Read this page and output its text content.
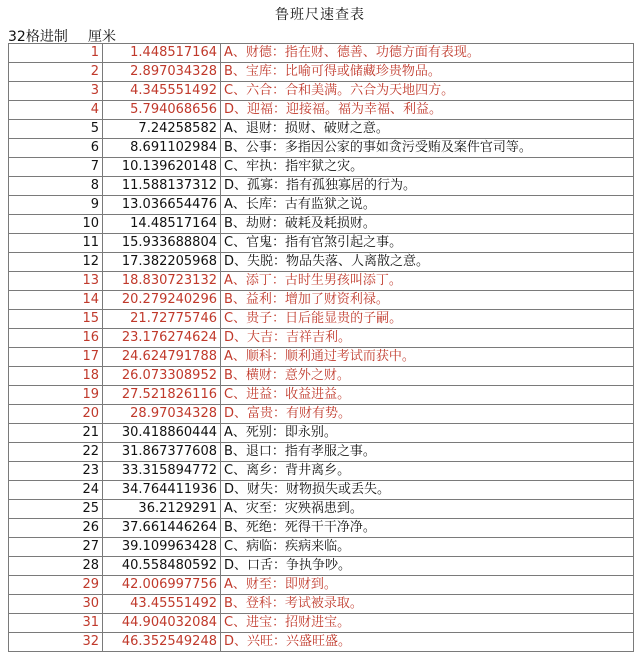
鲁班尺速查表
32格进制 厘米
1	1.448517164	A、财德：指在财、德善、功德方面有表现。
2	2.897034328	B、宝库：比喻可得或储藏珍贵物品。
3	4.345551492	C、六合：合和美满。六合为天地四方。
4	5.794068656	D、迎福：迎接福。福为幸福、利益。
5	7.24258582	A、退财：损财、破财之意。
6	8.691102984	B、公事：多指因公家的事如贪污受贿及案件官司等。
7	10.139620148	C、牢执：指牢狱之灾。
8	11.588137312	D、孤寡：指有孤独寡居的行为。
9	13.036654476	A、长库：古有监狱之说。
10	14.48517164	B、劫财：破耗及耗损财。
11	15.933688804	C、官鬼：指有官煞引起之事。
12	17.382205968	D、失脱：物品失落、人离散之意。
13	18.830723132	A、添丁：古时生男孩叫添丁。
14	20.279240296	B、益利：增加了财资利禄。
15	21.72775746	C、贵子：日后能显贵的子嗣。
16	23.176274624	D、大吉：吉祥吉利。
17	24.624791788	A、顺科：顺利通过考试而获中。
18	26.073308952	B、横财：意外之财。
19	27.521826116	C、进益：收益进益。
20	28.97034328	D、富贵：有财有势。
21	30.418860444	A、死别：即永别。
22	31.867377608	B、退口：指有孝服之事。
23	33.315894772	C、离乡：背井离乡。
24	34.764411936	D、财失：财物损失或丢失。
25	36.2129291	A、灾至：灾殃祸患到。
26	37.661446264	B、死绝：死得干干净净。
27	39.109963428	C、病临：疾病来临。
28	40.558480592	D、口舌：争执争吵。
29	42.006997756	A、财至：即财到。
30	43.45551492	B、登科：考试被录取。
31	44.904032084	C、进宝：招财进宝。
32	46.352549248	D、兴旺：兴盛旺盛。
